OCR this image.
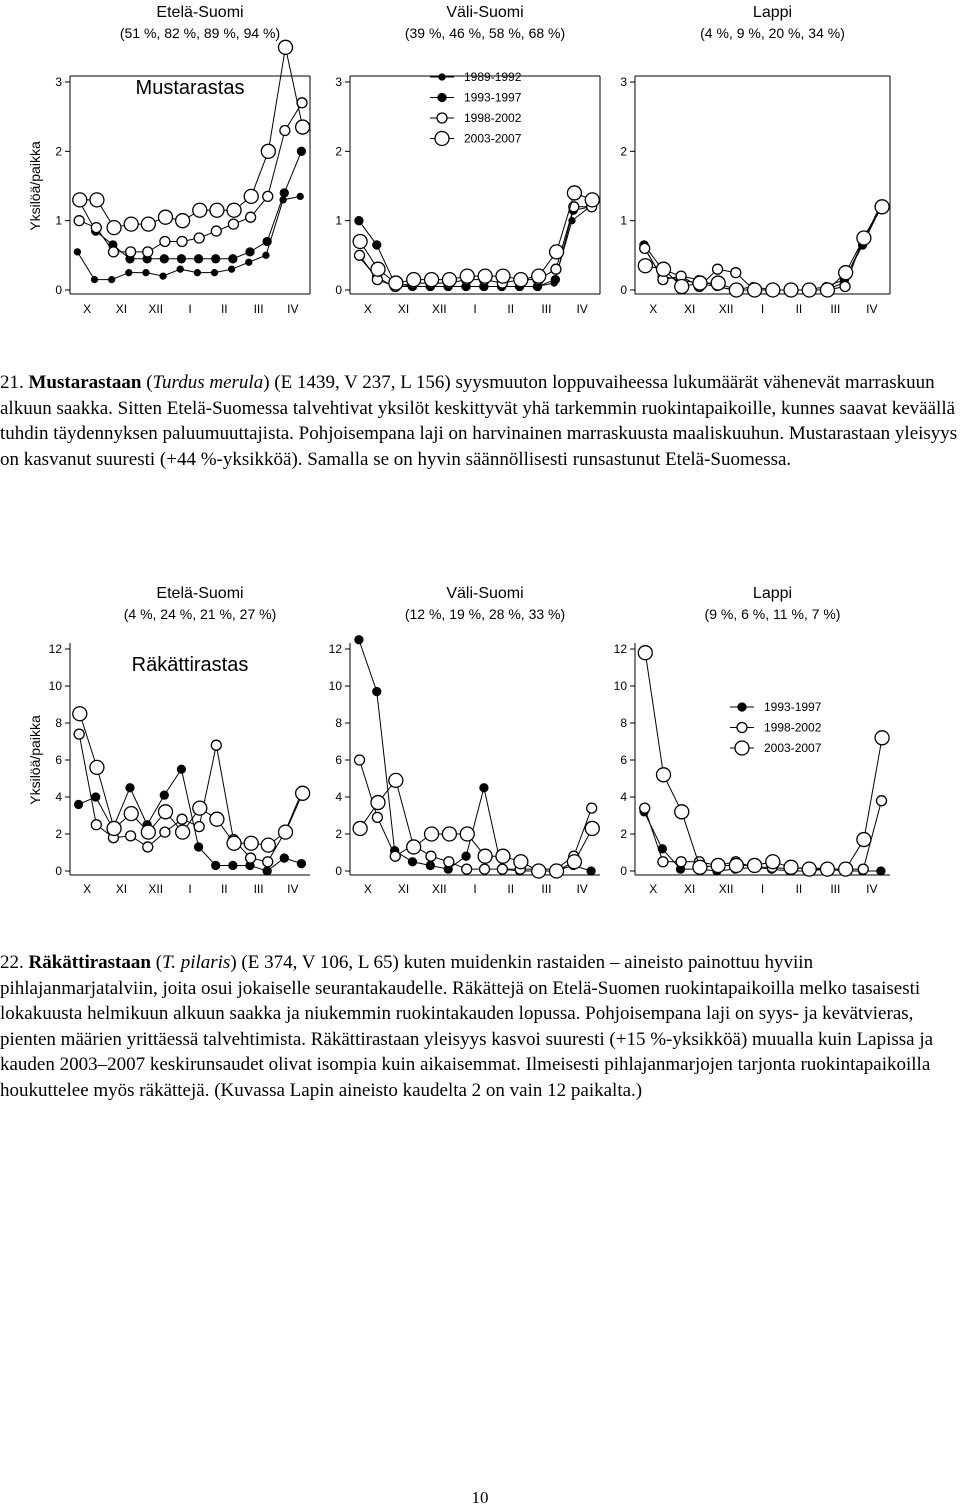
Etelä-Suomi
(51 %, 82 %, 89 %, 94 %)
0
1
2
3
X XI XII I II III IV
Yksilöä/paikka
Mustarastas
Väli-Suomi
(39 %, 46 %, 58 %, 68 %)
0
1
2
3
X XI XII I	II III IV
1989-1992
1993-1997
1998-2002
2003-2007
Lappi
(4 %, 9 %, 20 %, 34 %)
0
1
2
3
X XI XII I	II III IV
21. Mustarastaan (Turdus merula) (E 1439, V 237, L 156) syysmuuton loppuvaiheessa lukumäärät vähenevät marraskuun alkuun saakka. Sitten Etelä-Suomessa talvehtivat yksilöt keskittyvät yhä tarkemmin ruokintapaikoille, kunnes saavat keväällä tuhdin täydennyksen paluumuuttajista. Pohjoisempana laji on harvinainen marraskuusta maaliskuuhun. Mustarastaan yleisyys on kasvanut suuresti (+44 %-yksikköä). Samalla se on hyvin säännöllisesti runsastunut Etelä-Suomessa.
Etelä-Suomi
(4 %, 24 %, 21 %, 27 %)
0
2
4
6
8
10
12
X XI XII I II III IV
Yksilöä/paikka
Räkättirastas
Väli-Suomi
(12 %, 19 %, 28 %, 33 %)
0
2
4
6
8
10
12
X XI XII I	II III IV
Lappi
(9 %, 6 %, 11 %, 7 %)
0
2
4
6
8
10
12
X XI XII I	II III IV
1993-1997
1998-2002
2003-2007
22. Räkättirastaan (T. pilaris) (E 374, V 106, L 65) kuten muidenkin rastaiden – aineisto painottuu hyviin pihlajanmarjatalviin, joita osui jokaiselle seurantakaudelle. Räkättejä on Etelä-Suomen ruokintapaikoilla melko tasaisesti lokakuusta helmikuun alkuun saakka ja niukemmin ruokintakauden lopussa. Pohjoisempana laji on syys- ja kevätvieras, pienten määrien yrittäessä talvehtimista. Räkättirastaan yleisyys kasvoi suuresti (+15 %-yksikköä) muualla kuin Lapissa ja kauden 2003–2007 keskirunsaudet olivat isompia kuin aikaisemmat. Ilmeisesti pihlajanmarjojen tarjonta ruokintapaikoilla houkuttelee myös räkättejä. (Kuvassa Lapin aineisto kaudelta 2 on vain 12 paikalta.)
10
